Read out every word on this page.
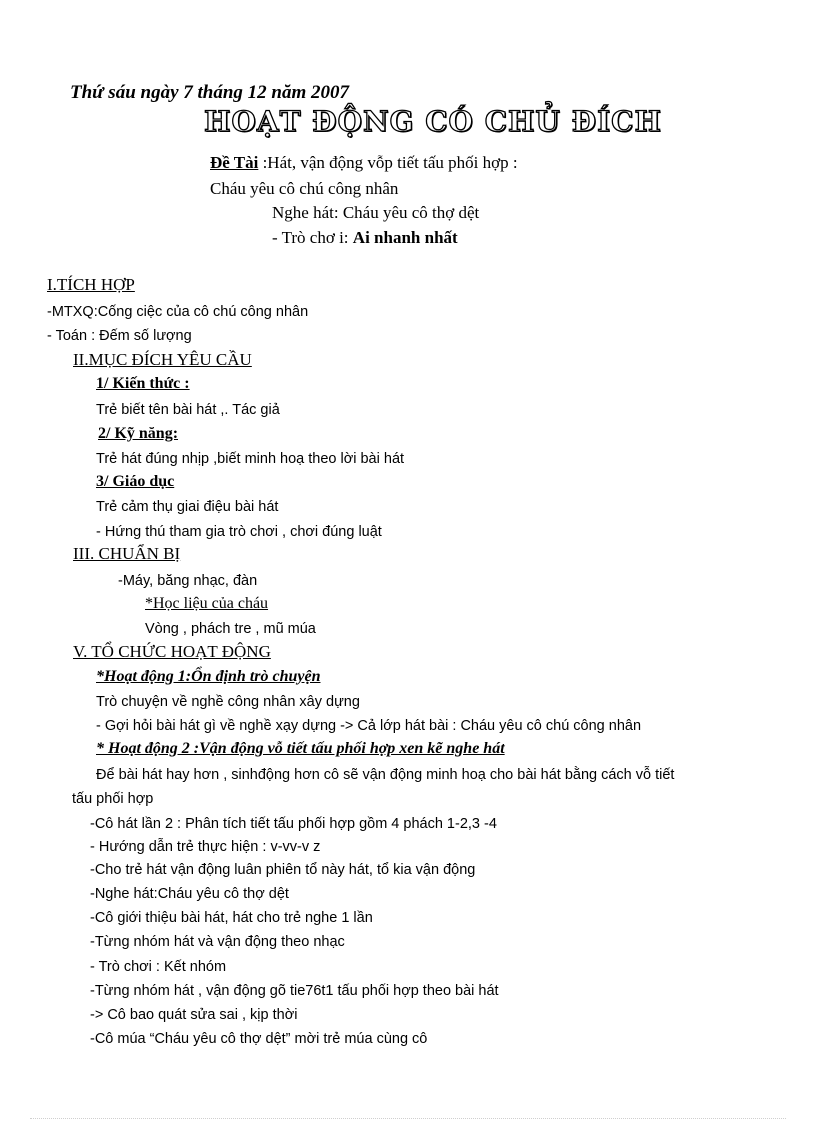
Thứ sáu ngày 7 tháng 12 năm 2007
HOẠT ĐỘNG CÓ CHỦ ĐÍCH
Đề Tài :Hát, vận động vỗp tiết tấu phối hợp :
Cháu yêu cô chú công nhân
Nghe hát: Cháu yêu cô thợ dệt
- Trò chơ i: Ai nhanh nhất
I.TÍCH HỢP
-MTXQ:Cống ciệc của cô chú công nhân
- Toán : Đếm số lượng
II.MỤC ĐÍCH YÊU CẦU
1/ Kiến thức :
Trẻ biết tên bài hát ,. Tác giả
2/ Kỹ năng:
Trẻ hát đúng nhịp ,biết minh hoạ theo lời bài hát
3/ Giáo dục
Trẻ cảm thụ giai điệu bài hát
- Hứng thú tham gia trò chơi , chơi đúng luật
III. CHUẨN BỊ
-Máy, băng nhạc, đàn
*Học liệu của cháu
Vòng , phách tre , mũ múa
V. TỔ CHỨC HOẠT ĐỘNG
*Hoạt động 1:Ổn định trò chuyện
Trò chuyện về nghề công nhân xây dựng
- Gợi hỏi bài hát gì về nghề xạy dựng -> Cả lớp hát bài : Cháu yêu cô chú công nhân
* Hoạt động 2 :Vận động vỗ tiết tấu phối hợp xen kẽ nghe hát
Để bài hát hay hơn , sinhđộng hơn cô sẽ vận động minh hoạ cho bài hát bằng cách vỗ tiết
tấu phối hợp
-Cô hát lần 2 : Phân tích tiết tấu phối hợp gồm 4 phách 1-2,3 -4
- Hướng dẫn trẻ thực hiện : v-vv-v z
-Cho trẻ hát vận động luân phiên tổ này hát, tổ kia vận động
-Nghe hát:Cháu yêu cô thợ dệt
-Cô giới thiệu bài hát, hát cho trẻ nghe 1 lần
-Từng nhóm hát và vận động theo nhạc
- Trò chơi : Kết nhóm
-Từng nhóm hát , vận động gõ tie76t1 tấu phối hợp theo bài hát
-> Cô bao quát sửa sai , kịp thời
-Cô múa “Cháu yêu cô thợ dệt” mời trẻ múa cùng cô
